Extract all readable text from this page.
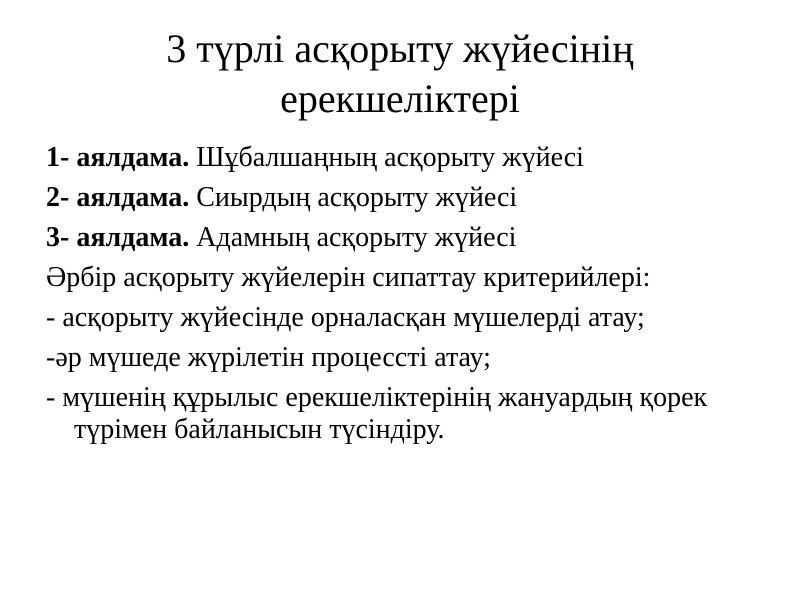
3 түрлі асқорыту жүйесінің
ерекшеліктері
1- аялдама. Шұбалшаңның асқорыту жүйесі
2- аялдама. Сиырдың асқорыту жүйесі
3- аялдама. Адамның асқорыту жүйесі
Әрбір асқорыту жүйелерін сипаттау критерийлері:
- асқорыту жүйесінде орналасқан мүшелерді атау;
-әр мүшеде жүрілетін процессті атау;
- мүшенің құрылыс ерекшеліктерінің жануардың қорек түрімен байланысын түсіндіру.
